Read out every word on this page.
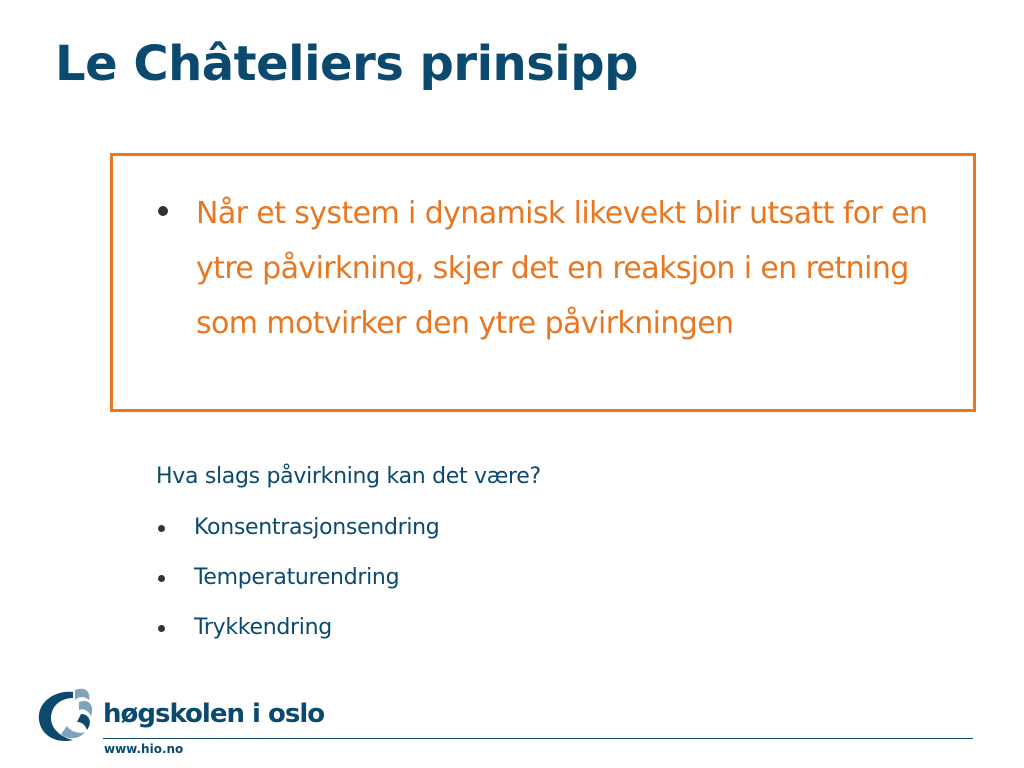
Le Châteliers prinsipp
Når et system i dynamisk likevekt blir utsatt for en ytre påvirkning, skjer det en reaksjon i en retning som motvirker den ytre påvirkningen

Hva slags påvirkning kan det være?

Konsentrasjonsendring
Temperaturendring
Trykkendring
høgskolen i oslo
www.hio.no
